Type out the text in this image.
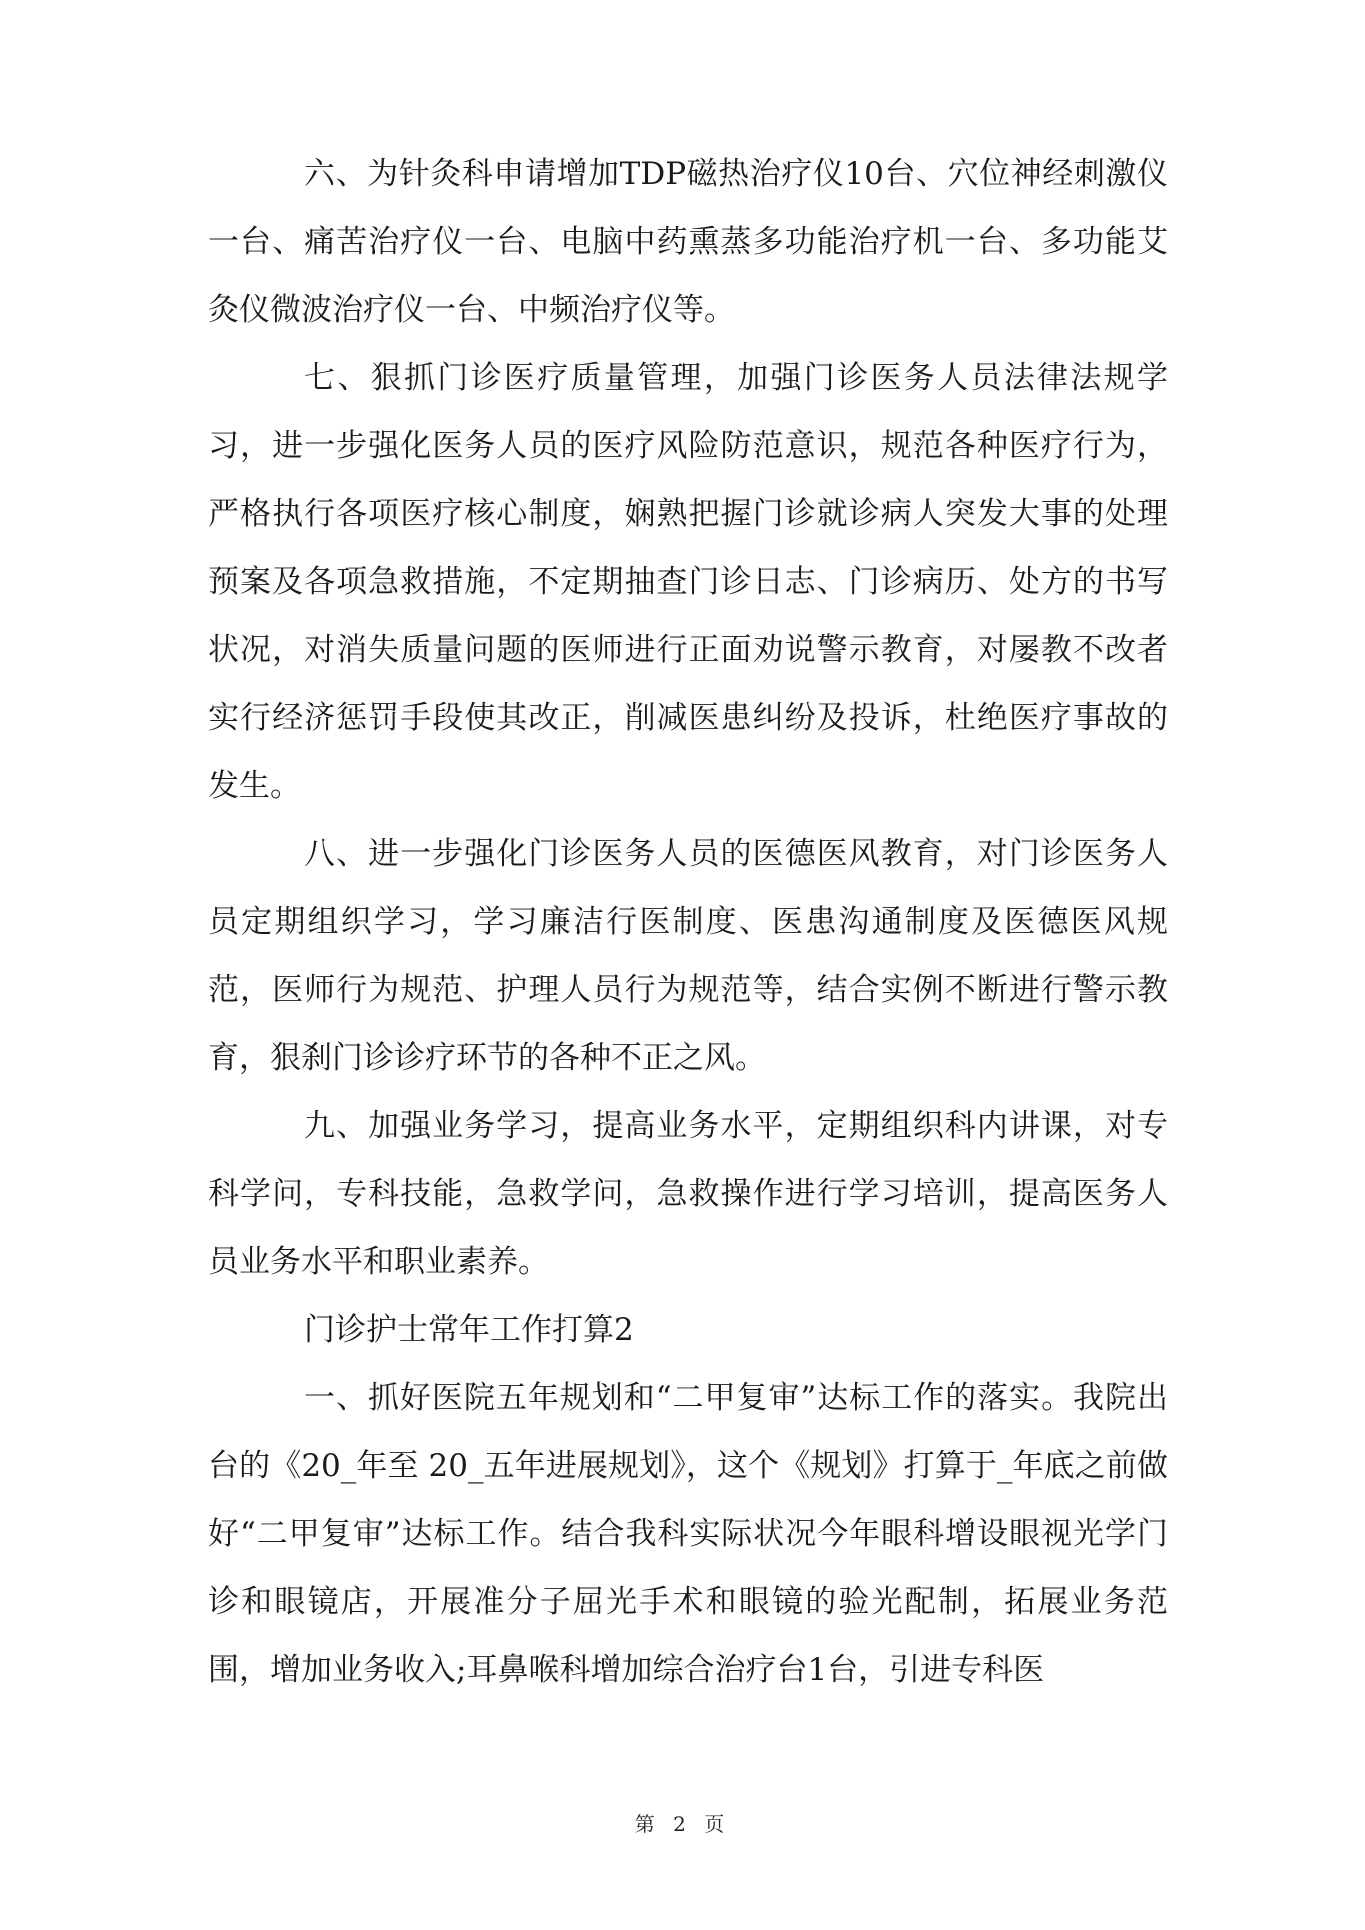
六、为针灸科申请增加TDP磁热治疗仪10台、穴位神经刺激仪一台、痛苦治疗仪一台、电脑中药熏蒸多功能治疗机一台、多功能艾灸仪微波治疗仪一台、中频治疗仪等。

七、狠抓门诊医疗质量管理，加强门诊医务人员法律法规学习，进一步强化医务人员的医疗风险防范意识，规范各种医疗行为，严格执行各项医疗核心制度，娴熟把握门诊就诊病人突发大事的处理预案及各项急救措施，不定期抽查门诊日志、门诊病历、处方的书写状况，对消失质量问题的医师进行正面劝说警示教育，对屡教不改者实行经济惩罚手段使其改正，削减医患纠纷及投诉，杜绝医疗事故的发生。

八、进一步强化门诊医务人员的医德医风教育，对门诊医务人员定期组织学习，学习廉洁行医制度、医患沟通制度及医德医风规范，医师行为规范、护理人员行为规范等，结合实例不断进行警示教育，狠刹门诊诊疗环节的各种不正之风。

九、加强业务学习，提高业务水平，定期组织科内讲课，对专科学问，专科技能，急救学问，急救操作进行学习培训，提高医务人员业务水平和职业素养。

门诊护士常年工作打算2

一、抓好医院五年规划和“二甲复审”达标工作的落实。我院出台的《20_年至 20_五年进展规划》，这个《规划》打算于_年底之前做好“二甲复审”达标工作。结合我科实际状况今年眼科增设眼视光学门诊和眼镜店，开展准分子屈光手术和眼镜的验光配制，拓展业务范围，增加业务收入;耳鼻喉科增加综合治疗台1台，引进专科医

第 2 页
